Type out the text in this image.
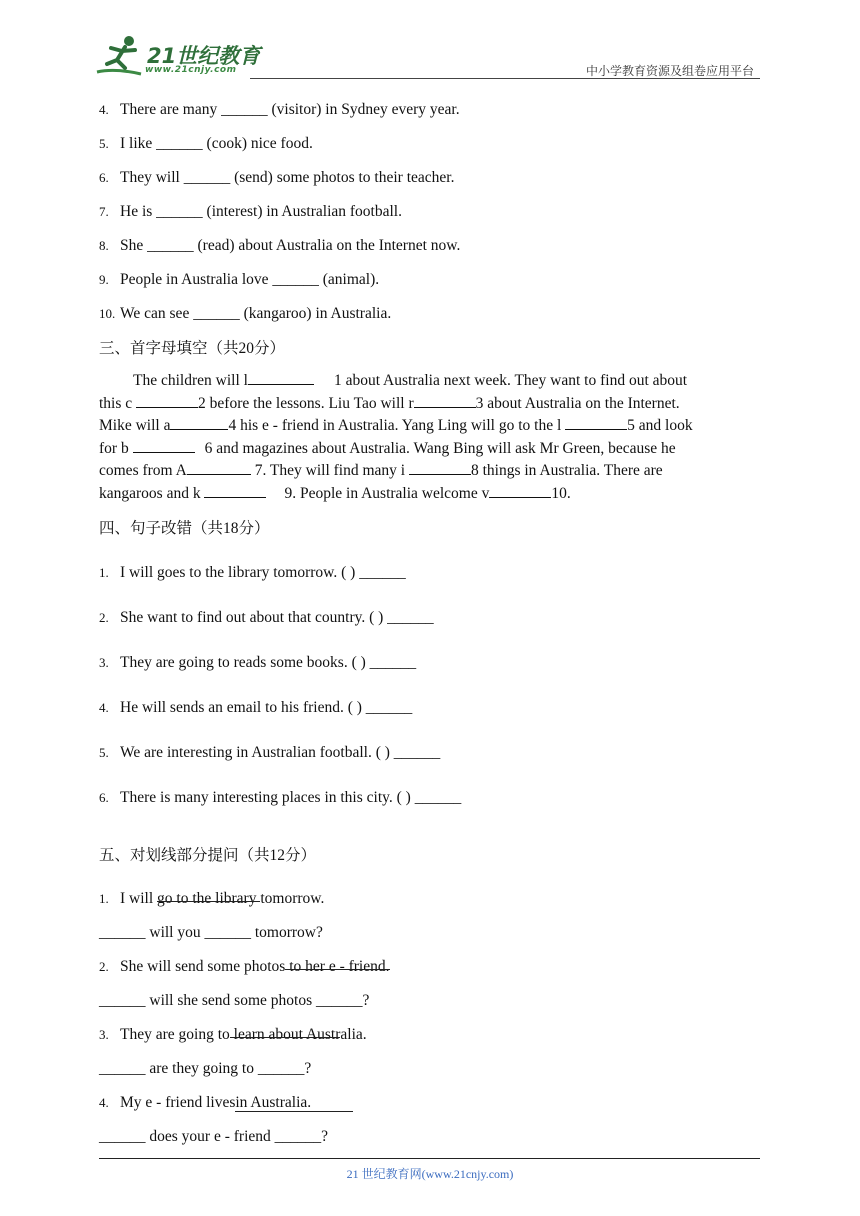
21世纪教育
www.21cnjy.com	中小学教育资源及组卷应用平台
4. There are many ______ (visitor) in Sydney every year.
5. I like ______ (cook) nice food.
6. They will ______ (send) some photos to their teacher.
7. He is ______ (interest) in Australian football.
8. She ______ (read) about Australia on the Internet now.
9. People in Australia love ______ (animal).
10. We can see ______ (kangaroo) in Australia.
三、首字母填空（共20分）
The children will l	1 about Australia next week. They want to find out about
this c	2 before the lessons. Liu Tao will r	3 about Australia on the Internet.
Mike will a	4 his e - friend in Australia. Yang Ling will go to the l	5 and look
for b	6 and magazines about Australia. Wang Bing will ask Mr Green, because he
comes from A	7. They will find many i	8 things in Australia. There are
kangaroos and k	9. People in Australia welcome v	10.
四、句子改错（共18分）
1. I will goes to the library tomorrow. ( ) ______
2. She want to find out about that country. ( ) ______
3. They are going to reads some books. ( ) ______
4. He will sends an email to his friend. ( ) ______
5. We are interesting in Australian football. ( ) ______
6. There is many interesting places in this city. ( ) ______
五、对划线部分提问（共12分）
1. I will go to the library tomorrow.
______ will you ______ tomorrow?
2. She will send some photos to her e - friend.
______ will she send some photos ______?
3. They are going to learn about Australia.
______ are they going to ______?
4. My e - friend livesin Australia.
______ does your e - friend ______?
21 世纪教育网(www.21cnjy.com)
